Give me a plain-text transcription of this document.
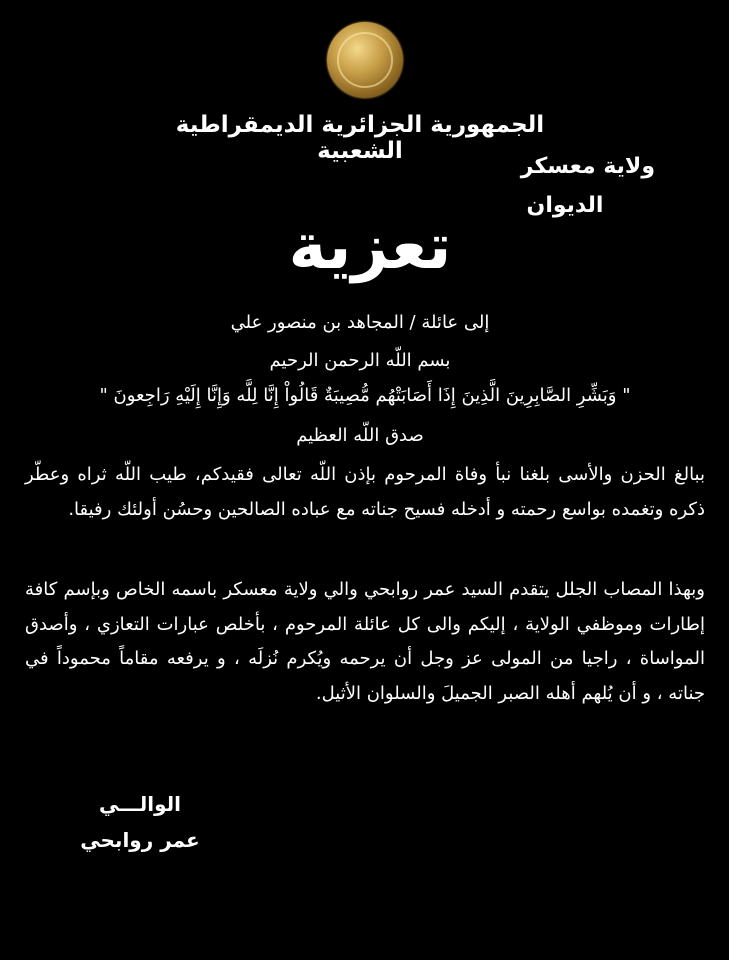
الجمهورية الجزائرية الديمقراطية الشعبية
ولاية معسكر
الديوان
تعزية
إلى عائلة / المجاهد بن منصور علي
بسم اللّه الرحمن الرحيم
" وَبَشِّرِ الصَّابِرِينَ الَّذِينَ إِذَا أَصَابَتْهُم مُّصِيبَةٌ قَالُواْ إِنَّا لِلَّه وَإِنَّا إِلَيْهِ رَاجِعونَ "
صدق اللّه العظيم
ببالغ الحزن والأسى بلغنا نبأ وفاة المرحوم بإذن اللّه تعالى فقيدكم، طيب اللّه ثراه وعطّر ذكره وتغمده بواسع رحمته و أدخله فسيح جناته مع عباده الصالحين وحسُن أولئك رفيقا.
وبهذا المصاب الجلل يتقدم السيد عمر روابحي والي ولاية معسكر باسمه الخاص وبإسم كافة إطارات وموظفي الولاية ، إليكم والى كل عائلة المرحوم ، بأخلص عبارات التعازي ، وأصدق المواساة ، راجيا من المولى عز وجل أن يرحمه ويُكرم نُزلَه ، و يرفعه مقاماً محموداً في جناته ، و أن يُلهم أهله الصبر الجميلَ والسلوان الأثيل.
الوالـــي
عمر روابحي
